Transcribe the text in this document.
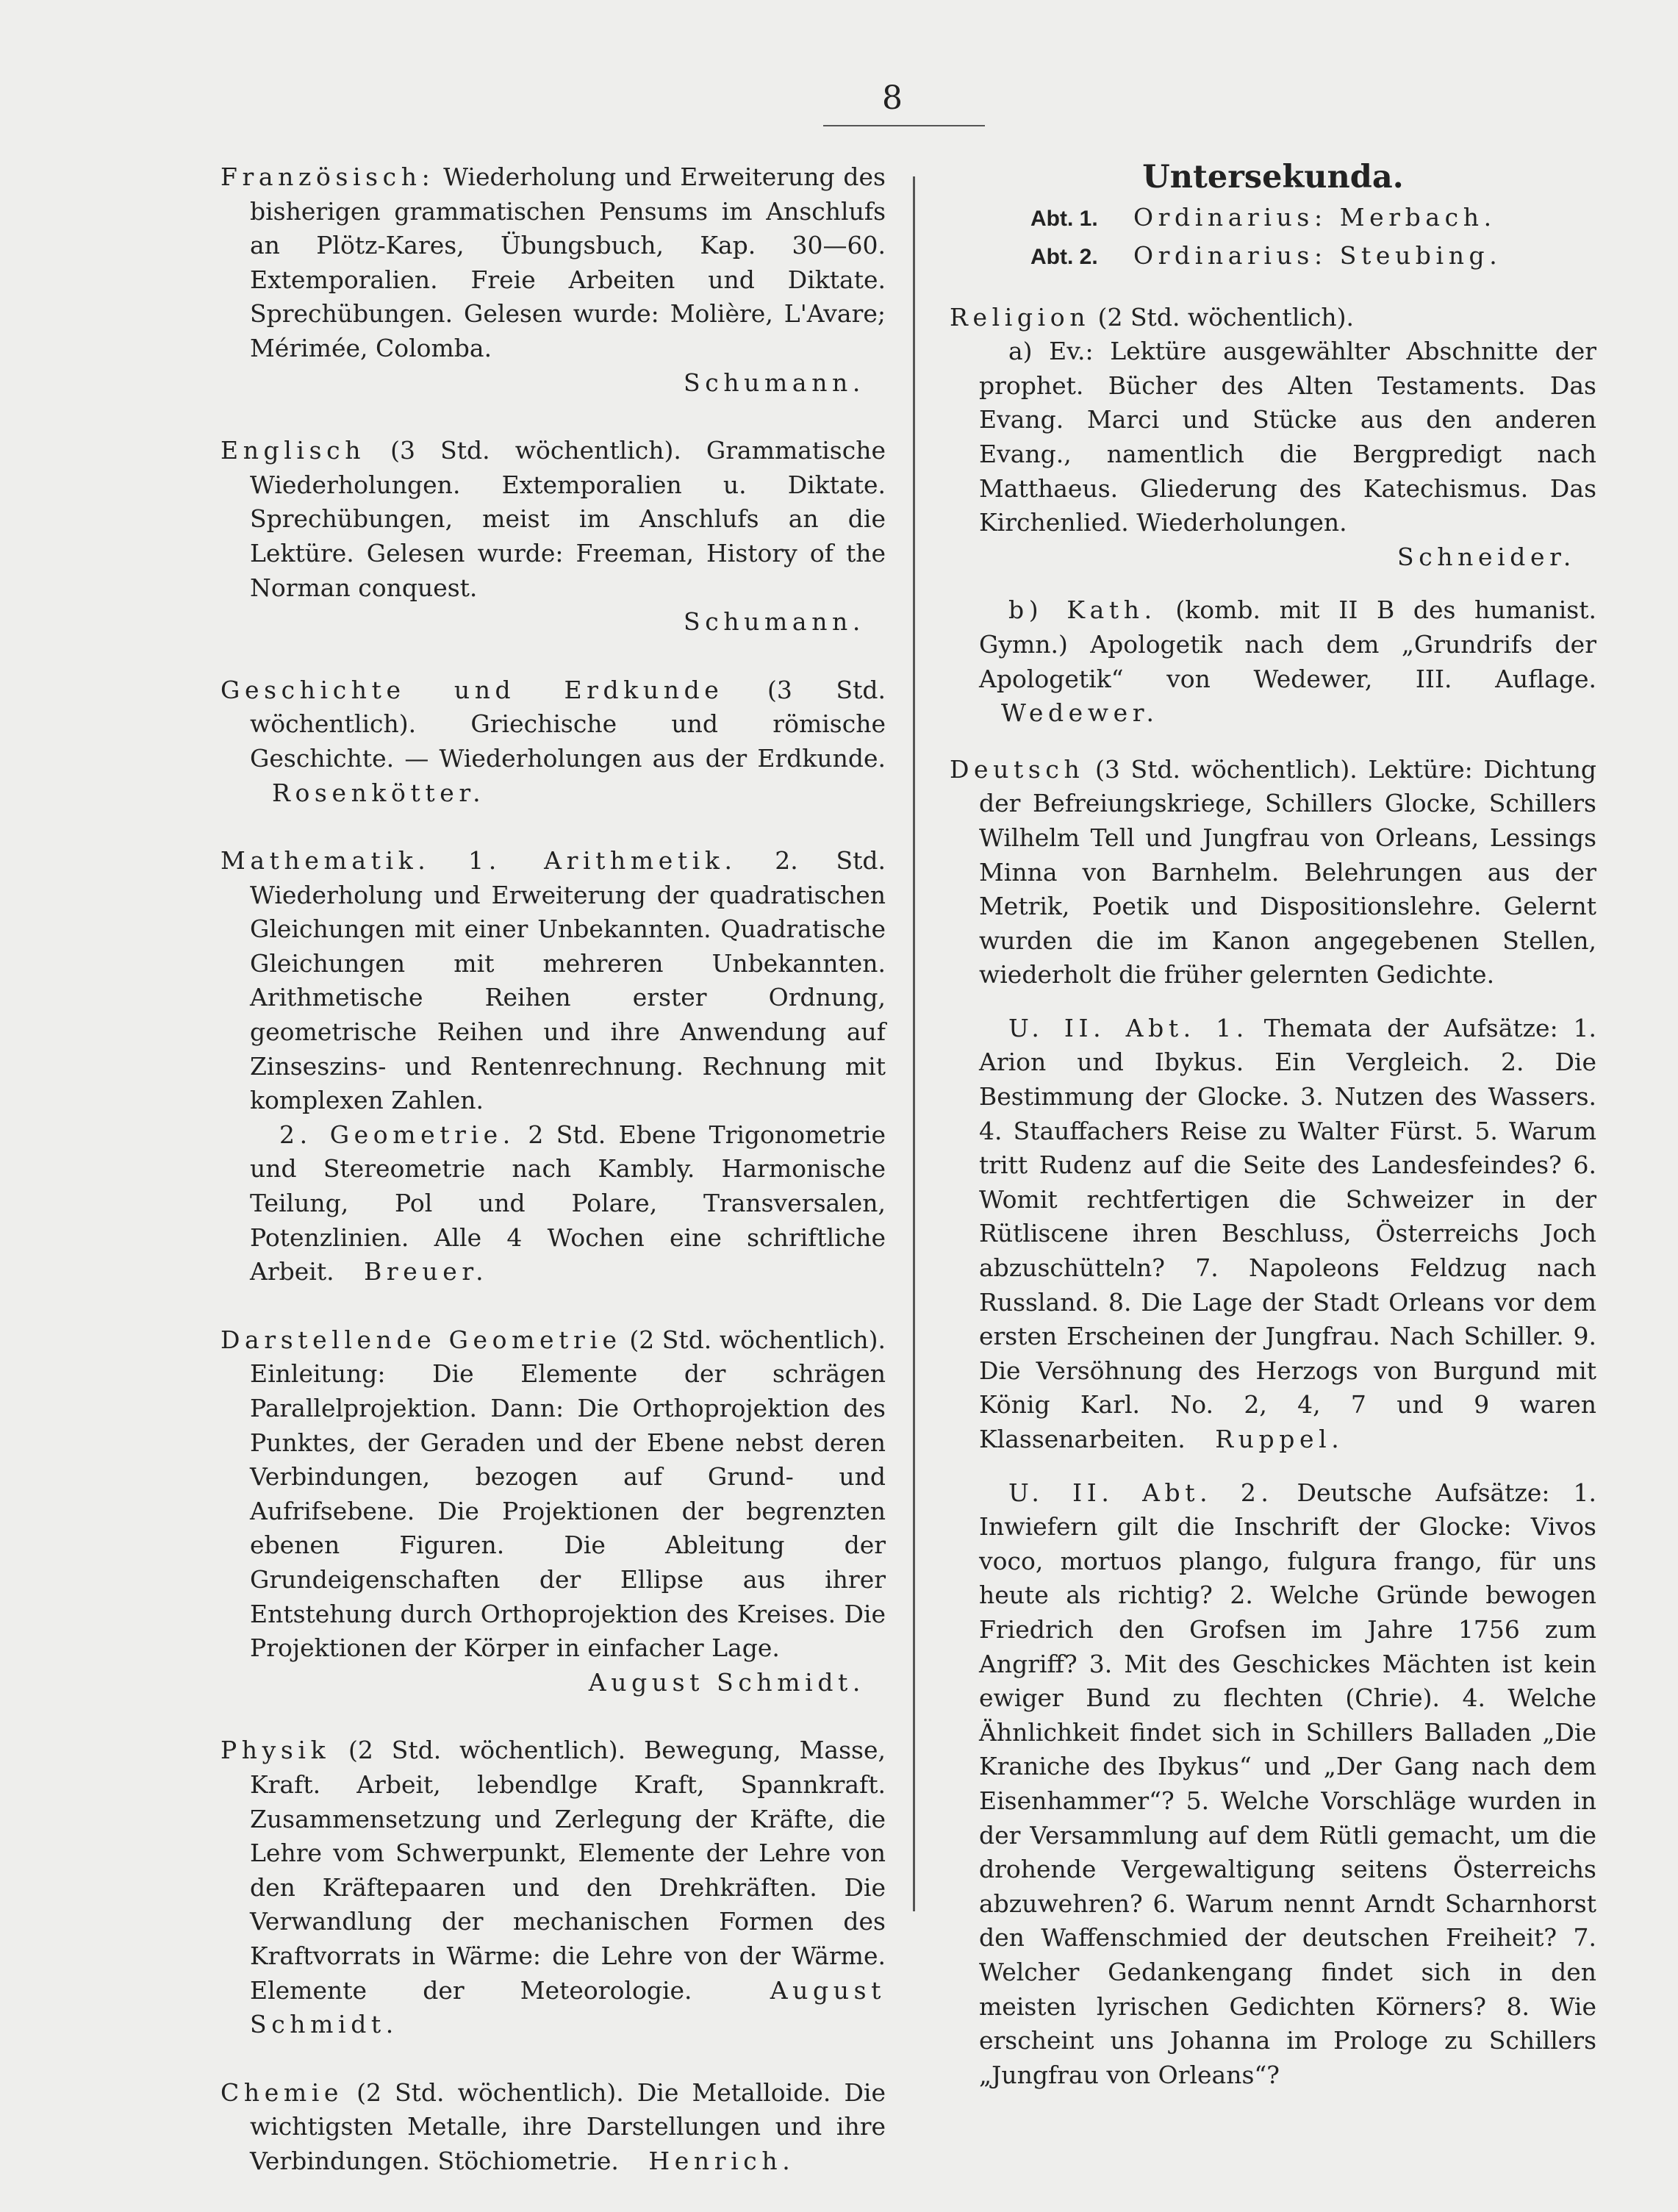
8
Französisch: Wiederholung und Erweiterung des bisherigen grammatischen Pensums im Anschlufs an Plötz-Kares, Übungsbuch, Kap. 30—60. Extemporalien. Freie Arbeiten und Diktate. Sprechübungen. Gelesen wurde: Molière, L'Avare; Mérimée, Colomba.
Schumann.
Englisch (3 Std. wöchentlich). Grammatische Wiederholungen. Extemporalien u. Diktate. Sprechübungen, meist im Anschlufs an die Lektüre. Gelesen wurde: Freeman, History of the Norman conquest.
Schumann.
Geschichte und Erdkunde (3 Std. wöchentlich). Griechische und römische Geschichte. — Wiederholungen aus der Erdkunde. Rosenkötter.
Mathematik. 1. Arithmetik. 2. Std. Wiederholung und Erweiterung der quadratischen Gleichungen mit einer Unbekannten. Quadratische Gleichungen mit mehreren Unbekannten. Arithmetische Reihen erster Ordnung, geometrische Reihen und ihre Anwendung auf Zinseszins- und Rentenrechnung. Rechnung mit komplexen Zahlen.
2. Geometrie. 2 Std. Ebene Trigonometrie und Stereometrie nach Kambly. Harmonische Teilung, Pol und Polare, Transversalen, Potenzlinien. Alle 4 Wochen eine schriftliche Arbeit. Breuer.
Darstellende Geometrie (2 Std. wöchentlich). Einleitung: Die Elemente der schrägen Parallelprojektion. Dann: Die Orthoprojektion des Punktes, der Geraden und der Ebene nebst deren Verbindungen, bezogen auf Grund- und Aufrifsebene. Die Projektionen der begrenzten ebenen Figuren. Die Ableitung der Grundeigenschaften der Ellipse aus ihrer Entstehung durch Orthoprojektion des Kreises. Die Projektionen der Körper in einfacher Lage.
August Schmidt.
Physik (2 Std. wöchentlich). Bewegung, Masse, Kraft. Arbeit, lebendlge Kraft, Spannkraft. Zusammensetzung und Zerlegung der Kräfte, die Lehre vom Schwerpunkt, Elemente der Lehre von den Kräftepaaren und den Drehkräften. Die Verwandlung der mechanischen Formen des Kraftvorrats in Wärme: die Lehre von der Wärme. Elemente der Meteorologie.	August Schmidt.
Chemie (2 Std. wöchentlich). Die Metalloide. Die wichtigsten Metalle, ihre Darstellungen und ihre Verbindungen. Stöchiometrie. Henrich.
Untersekunda.
Abt. 1. Ordinarius: Merbach.
Abt. 2. Ordinarius: Steubing.
Religion (2 Std. wöchentlich).
a) Ev.: Lektüre ausgewählter Abschnitte der prophet. Bücher des Alten Testaments. Das Evang. Marci und Stücke aus den anderen Evang., namentlich die Bergpredigt nach Matthaeus. Gliederung des Katechismus. Das Kirchenlied. Wiederholungen.
Schneider.
b) Kath. (komb. mit II B des humanist. Gymn.) Apologetik nach dem „Grundrifs der Apologetik“ von Wedewer, III. Auflage. Wedewer.
Deutsch (3 Std. wöchentlich). Lektüre: Dichtung der Befreiungskriege, Schillers Glocke, Schillers Wilhelm Tell und Jungfrau von Orleans, Lessings Minna von Barnhelm. Belehrungen aus der Metrik, Poetik und Dispositionslehre. Gelernt wurden die im Kanon angegebenen Stellen, wiederholt die früher gelernten Gedichte.
U. II. Abt. 1. Themata der Aufsätze: 1. Arion und Ibykus. Ein Vergleich. 2. Die Bestimmung der Glocke. 3. Nutzen des Wassers. 4. Stauffachers Reise zu Walter Fürst. 5. Warum tritt Rudenz auf die Seite des Landesfeindes? 6. Womit rechtfertigen die Schweizer in der Rütliscene ihren Beschluss, Österreichs Joch abzuschütteln? 7. Napoleons Feldzug nach Russland. 8. Die Lage der Stadt Orleans vor dem ersten Erscheinen der Jungfrau. Nach Schiller. 9. Die Versöhnung des Herzogs von Burgund mit König Karl. No. 2, 4, 7 und 9 waren Klassenarbeiten. Ruppel.
U. II. Abt. 2. Deutsche Aufsätze: 1. Inwiefern gilt die Inschrift der Glocke: Vivos voco, mortuos plango, fulgura frango, für uns heute als richtig? 2. Welche Gründe bewogen Friedrich den Grofsen im Jahre 1756 zum Angriff? 3. Mit des Geschickes Mächten ist kein ewiger Bund zu flechten (Chrie). 4. Welche Ähnlichkeit findet sich in Schillers Balladen „Die Kraniche des Ibykus“ und „Der Gang nach dem Eisenhammer“? 5. Welche Vorschläge wurden in der Versammlung auf dem Rütli gemacht, um die drohende Vergewaltigung seitens Österreichs abzuwehren? 6. Warum nennt Arndt Scharnhorst den Waffenschmied der deutschen Freiheit? 7. Welcher Gedankengang findet sich in den meisten lyrischen Gedichten Körners? 8. Wie erscheint uns Johanna im Prologe zu Schillers „Jungfrau von Orleans“?
